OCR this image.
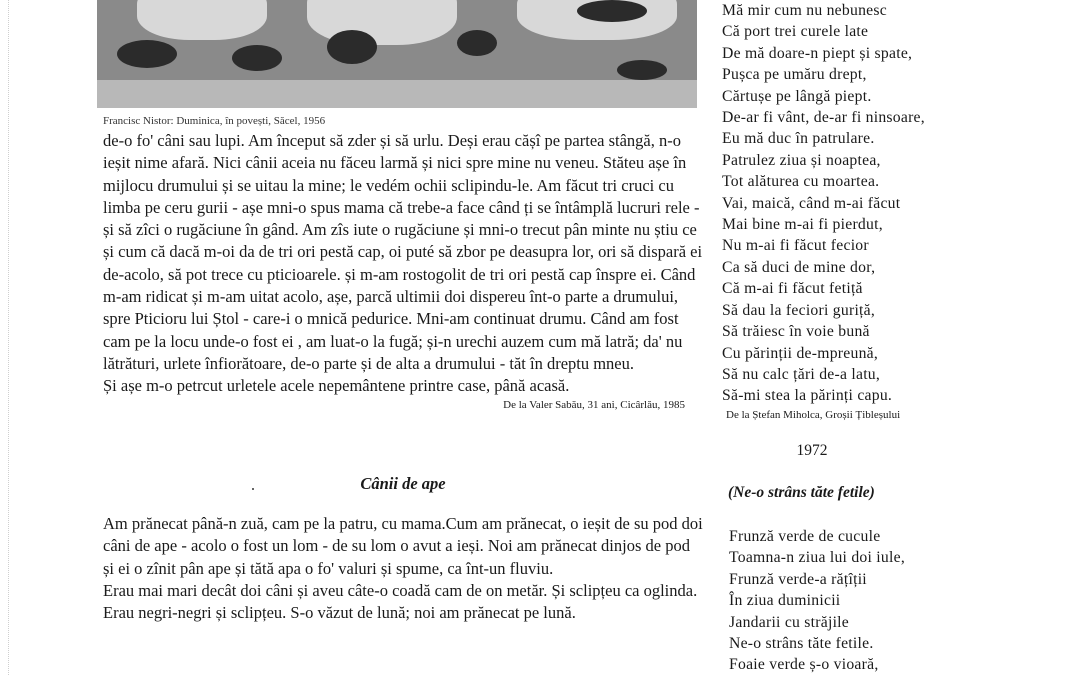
Francisc Nistor: Duminica, în povești, Săcel, 1956

de-o fo' câni sau lupi. Am început să zder și să urlu. Deși erau cășî pe partea stângă, n-o ieșit nime afară. Nici cânii aceia nu făceu larmă și nici spre mine nu veneu. Stăteu așe în mijlocu drumului și se uitau la mine; le vedém ochii sclipindu-le. Am făcut tri cruci cu limba pe ceru gurii - așe mni-o spus mama că trebe-a face când ți se întâmplă lucruri rele - și să zîci o rugăciune în gând. Am zîs iute o rugăciune și mni-o trecut pân minte nu știu ce și cum că dacă m-oi da de tri ori pestă cap, oi puté să zbor pe deasupra lor, ori să dispară ei de-acolo, să pot trece cu pticioarele. și m-am rostogolit de tri ori pestă cap înspre ei. Când m-am ridicat și m-am uitat acolo, așe, parcă ultimii doi dispereu înt-o parte a drumului, spre Pticioru lui Ștol - care-i o mnică pedurice. Mni-am continuat drumu. Când am fost cam pe la locu unde-o fost ei , am luat-o la fugă; și-n urechi auzem cum mă latră; da' nu lătrături, urlete înfiorătoare, de-o parte și de alta a drumului - tăt în dreptu mneu.

Și așe m-o petrcut urletele acele nepemântene printre case, până acasă.

De la Valer Sabău, 31 ani, Cicârlău, 1985

Cânii de ape

Am prănecat până-n zuă, cam pe la patru, cu mama.Cum am prănecat, o ieșit de su pod doi câni de ape - acolo o fost un lom - de su lom o avut a ieși. Noi am prănecat dinjos de pod și ei o zînit pân ape și tătă apa o fo' valuri și spume, ca înt-un fluviu.

Erau mai mari decât doi câni și aveu câte-o coadă cam de on metăr. Și sclipțeu ca oglinda. Erau negri-negri și sclipțeu. S-o văzut de lună; noi am prănecat pe lună.

Mă mir cum nu nebunesc

Că port trei curele late

De mă doare-n piept și spate,

Pușca pe umăru drept,

Cărtușe pe lângă piept.

De-ar fi vânt, de-ar fi ninsoare,

Eu mă duc în patrulare.

Patrulez ziua și noaptea,

Tot alăturea cu moartea.

Vai, maică, când m-ai făcut

Mai bine m-ai fi pierdut,

Nu m-ai fi făcut fecior

Ca să duci de mine dor,

Că m-ai fi făcut fetiță

Să dau la feciori guriță,

Să trăiesc în voie bună

Cu părinții de-mpreună,

Să nu calc țări de-a latu,

Să-mi stea la părinți capu.

De la Ștefan Miholca, Groșii Țibleșului

1972
(Ne-o strâns tăte fetile)

Frunză verde de cucule

Toamna-n ziua lui doi iule,

Frunză verde-a rățîții

În ziua duminicii

Jandarii cu străjile

Ne-o strâns tăte fetile.

Foaie verde ș-o vioară,
